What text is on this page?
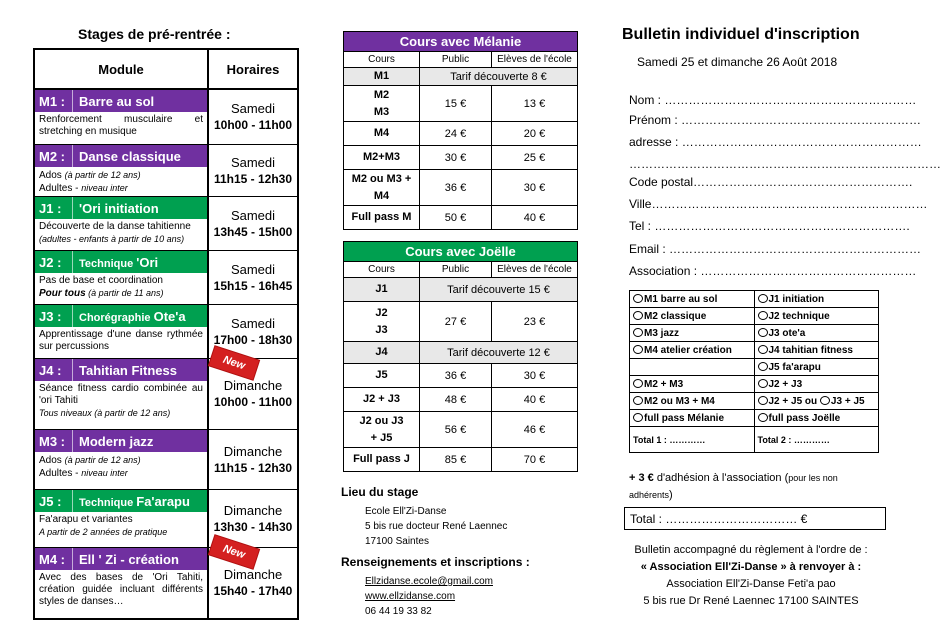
Stages de pré-rentrée :
Module	Horaires
M1 :	Barre au sol
Renforcement musculaire et stretching en musique
Samedi
10h00 - 11h00
M2 :	Danse classique
Ados (à partir de 12 ans)
Adultes - niveau inter
Samedi
11h15 - 12h30
J1 :	'Ori initiation
Découverte de la danse tahitienne
(adultes - enfants à partir de 10 ans)
Samedi
13h45 - 15h00
J2 :	Technique 'Ori
Pas de base et coordination
Pour tous (à partir de 11 ans)
Samedi
15h15 - 16h45
J3 :	Chorégraphie Ote'a
Apprentissage d'une danse rythmée sur percussions
Samedi
17h00 - 18h30
J4 :	Tahitian Fitness
Séance fitness cardio combinée au 'ori Tahiti
Tous niveaux (à partir de 12 ans)
Dimanche
10h00 - 11h00
New
M3 :	Modern jazz
Ados (à partir de 12 ans)
Adultes - niveau inter
Dimanche
11h15 - 12h30
J5 :	Technique Fa'arapu
Fa'arapu et variantes
A partir de 2 années de pratique
Dimanche
13h30 - 14h30
M4 :	Ell ' Zi - création
Avec des bases de 'Ori Tahiti, création guidée incluant différents styles de danses…
Dimanche
15h40 - 17h40
New
Cours avec Mélanie		
Cours	Public	Elèves de l'école
M1	Tarif découverte 8 €	
M2
M3	15 €	13 €
M4	24 €	20 €
M2+M3	30 €	25 €
M2 ou M3 +
M4	36 €	30 €
Full pass M	50 €	40 €
Cours avec Joëlle		
Cours	Public	Elèves de l'école
J1	Tarif découverte 15 €	
J2
J3	27 €	23 €
J4	Tarif découverte 12 €	
J5	36 €	30 €
J2 + J3	48 €	40 €
J2 ou J3
+ J5	56 €	46 €
Full pass J	85 €	70 €
Lieu du stage
Ecole Ell'Zi-Danse
5 bis rue docteur René Laennec
17100 Saintes
Renseignements et inscriptions :
Ellzidanse.ecole@gmail.com
www.ellzidanse.com
06 44 19 33 82
Bulletin individuel d'inscription
Samedi 25 et dimanche 26 Août 2018
Nom : ………………………………………………………
Prénom : ……………………………………………………
adresse : ……………………………………………………
……………………………………………………………………
Code postal……………………………………………….
Ville……………………………………………………………
Tel : ……………………………………………………….
Email : ………………………………………………………
Association : ………………………………………………
M1 barre au sol	J1 initiation
M2 classique	J2 technique
M3 jazz	J3 ote'a
M4 atelier création	J4 tahitian fitness
	J5 fa'arapu
M2 + M3	J2 + J3
M2 ou M3 + M4	J2 + J5 ou J3 + J5
full pass Mélanie	full pass Joëlle
Total 1 : …………	Total 2 : …………
+ 3 € d'adhésion à l'association (pour les non adhérents)
Total : …………………………… €
Bulletin accompagné du règlement à l'ordre de :
« Association Ell'Zi-Danse » à renvoyer à :
Association Ell'Zi-Danse Feti'a pao
5 bis rue Dr René Laennec 17100 SAINTES
